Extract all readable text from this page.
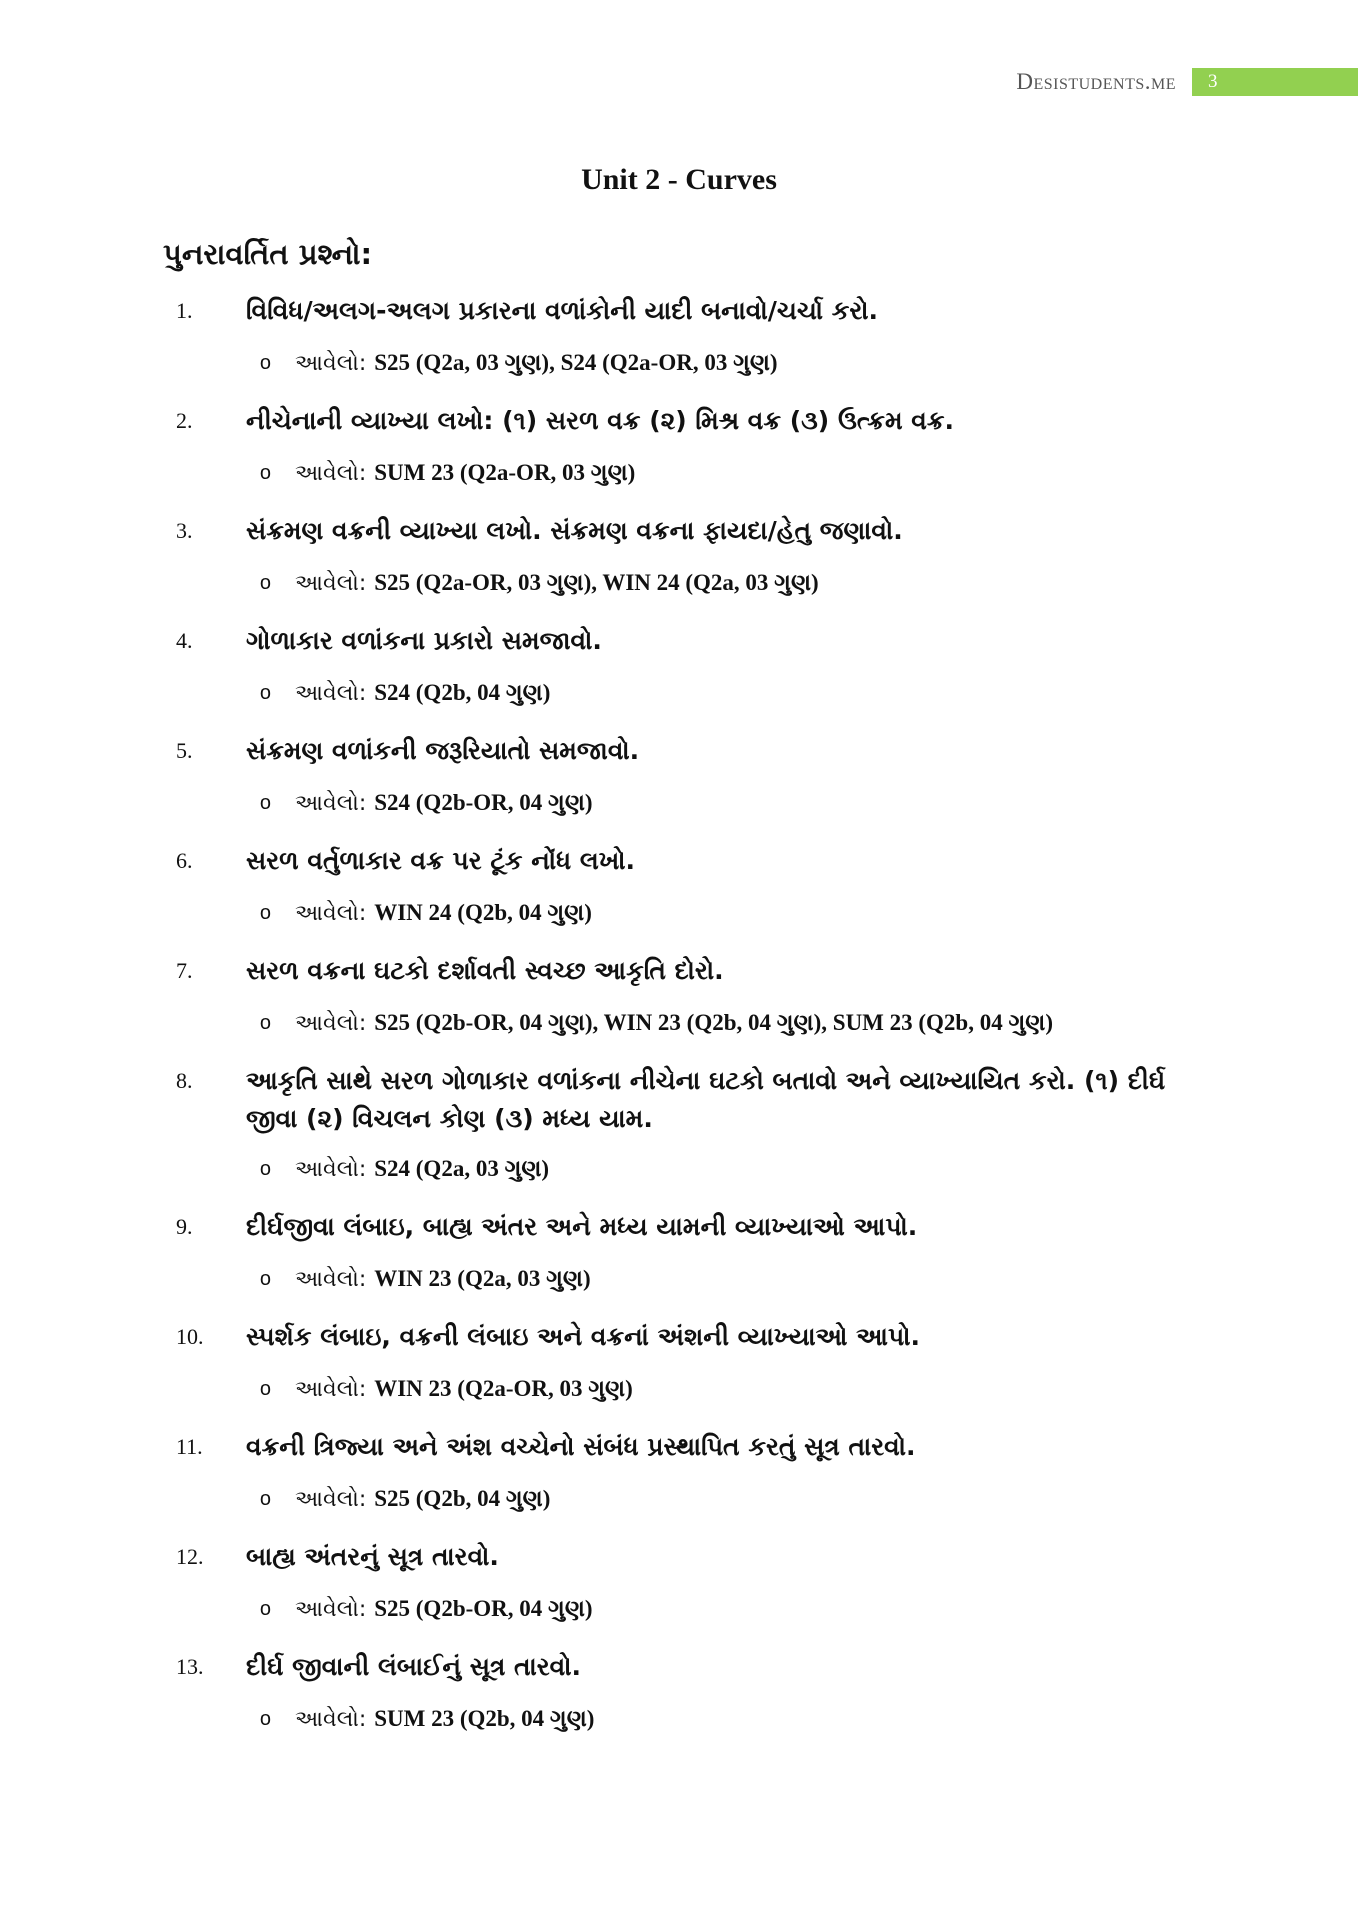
Desistudents.me	3
Unit 2 - Curves
પુનરાવર્તિત પ્રશ્નો:
1.	વિવિધ/અલગ-અલગ પ્રકારના વળાંકોની યાદી બનાવો/ચર્ચા કરો.
o	આવેલો: S25 (Q2a, 03 ગુણ), S24 (Q2a-OR, 03 ગુણ)
2.	નીચેનાની વ્યાખ્યા લખો: (૧) સરળ વક્ર (૨) મિશ્ર વક્ર (૩) ઉત્ક્રમ વક્ર.
o	આવેલો: SUM 23 (Q2a-OR, 03 ગુણ)
3.	સંક્રમણ વક્રની વ્યાખ્યા લખો. સંક્રમણ વક્રના ફાયદા/હેતુ જણાવો.
o	આવેલો: S25 (Q2a-OR, 03 ગુણ), WIN 24 (Q2a, 03 ગુણ)
4.	ગોળાકાર વળાંકના પ્રકારો સમજાવો.
o	આવેલો: S24 (Q2b, 04 ગુણ)
5.	સંક્રમણ વળાંકની જરૂરિયાતો સમજાવો.
o	આવેલો: S24 (Q2b-OR, 04 ગુણ)
6.	સરળ વર્તુળાકાર વક્ર પર ટૂંક નોંધ લખો.
o	આવેલો: WIN 24 (Q2b, 04 ગુણ)
7.	સરળ વક્રના ઘટકો દર્શાવતી સ્વચ્છ આકૃતિ દોરો.
o	આવેલો: S25 (Q2b-OR, 04 ગુણ), WIN 23 (Q2b, 04 ગુણ), SUM 23 (Q2b, 04 ગુણ)
8.	આકૃતિ સાથે સરળ ગોળાકાર વળાંકના નીચેના ઘટકો બતાવો અને વ્યાખ્યાયિત કરો. (૧) દીર્ઘ જીવા (૨) વિચલન કોણ (૩) મધ્ય યામ.
o	આવેલો: S24 (Q2a, 03 ગુણ)
9.	દીર્ઘજીવા લંબાઇ, બાહ્ય અંતર અને મધ્ય યામની વ્યાખ્યાઓ આપો.
o	આવેલો: WIN 23 (Q2a, 03 ગુણ)
10.	સ્પર્શક લંબાઇ, વક્રની લંબાઇ અને વક્રનાં અંશની વ્યાખ્યાઓ આપો.
o	આવેલો: WIN 23 (Q2a-OR, 03 ગુણ)
11.	વક્રની ત્રિજ્યા અને અંશ વચ્ચેનો સંબંધ પ્રસ્થાપિત કરતું સૂત્ર તારવો.
o	આવેલો: S25 (Q2b, 04 ગુણ)
12.	બાહ્ય અંતરનું સૂત્ર તારવો.
o	આવેલો: S25 (Q2b-OR, 04 ગુણ)
13.	દીર્ઘ જીવાની લંબાઈનું સૂત્ર તારવો.
o	આવેલો: SUM 23 (Q2b, 04 ગુણ)
